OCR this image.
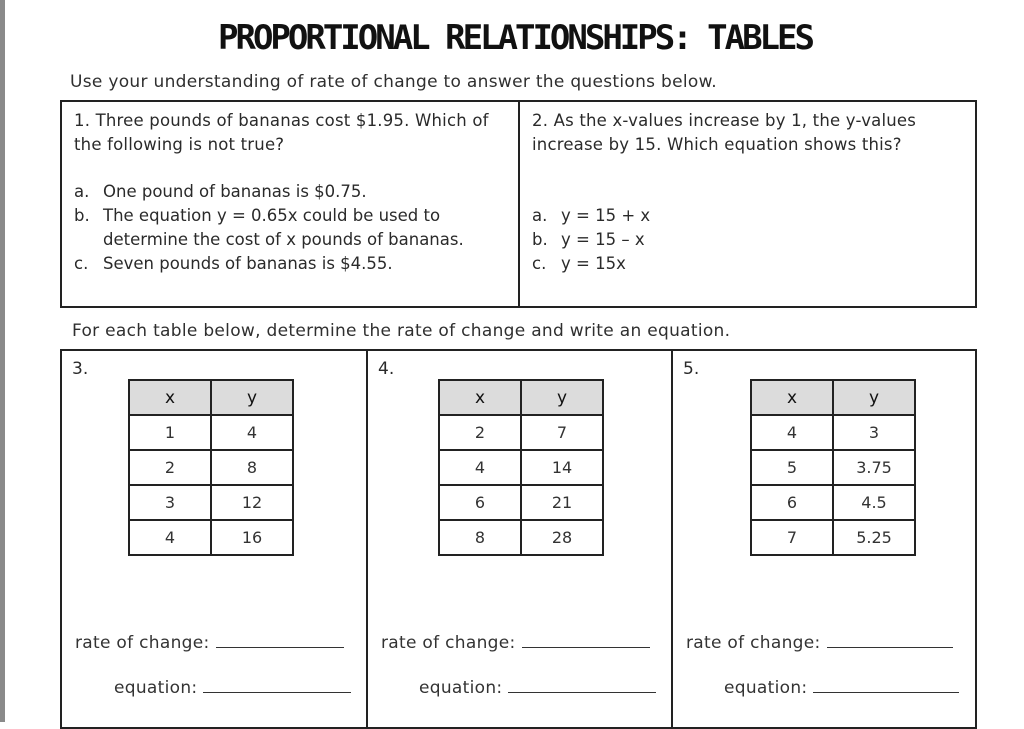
PROPORTIONAL RELATIONSHIPS: TABLES
Use your understanding of rate of change to answer the questions below.
1. Three pounds of bananas cost $1.95. Which of the following is not true?
a. One pound of bananas is $0.75.
b. The equation y = 0.65x could be used to determine the cost of x pounds of bananas.
c. Seven pounds of bananas is $4.55.
2. As the x-values increase by 1, the y-values increase by 15. Which equation shows this?
a. y = 15 + x
b. y = 15 – x
c. y = 15x
For each table below, determine the rate of change and write an equation.
3.
x	y
1	4
2	8
3	12
4	16
rate of change:
equation:
4.
x	y
2	7
4	14
6	21
8	28
rate of change:
equation:
5.
x	y
4	3
5	3.75
6	4.5
7	5.25
rate of change:
equation:
